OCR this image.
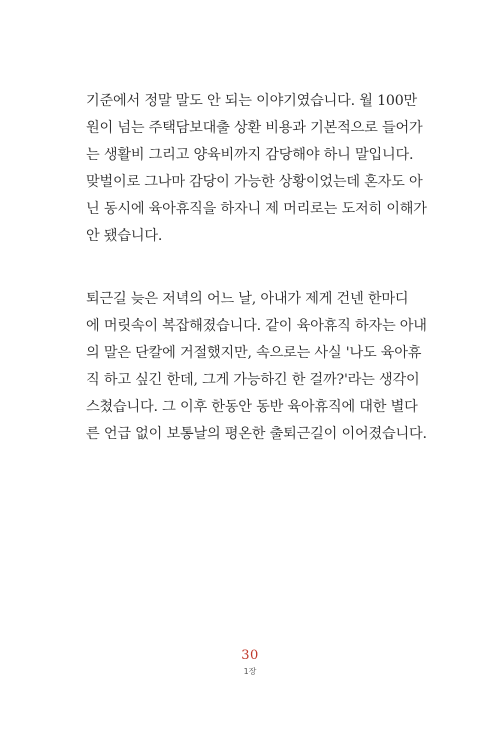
기준에서 정말 말도 안 되는 이야기였습니다. 월 100만
원이 넘는 주택담보대출 상환 비용과 기본적으로 들어가
는 생활비 그리고 양육비까지 감당해야 하니 말입니다.
맞벌이로 그나마 감당이 가능한 상황이었는데 혼자도 아
닌 동시에 육아휴직을 하자니 제 머리로는 도저히 이해가
안 됐습니다.
퇴근길 늦은 저녁의 어느 날, 아내가 제게 건넨 한마디
에 머릿속이 복잡해졌습니다. 같이 육아휴직 하자는 아내
의 말은 단칼에 거절했지만, 속으로는 사실 '나도 육아휴
직 하고 싶긴 한데, 그게 가능하긴 한 걸까?'라는 생각이
스쳤습니다. 그 이후 한동안 동반 육아휴직에 대한 별다
른 언급 없이 보통날의 평온한 출퇴근길이 이어졌습니다.
30
1장
